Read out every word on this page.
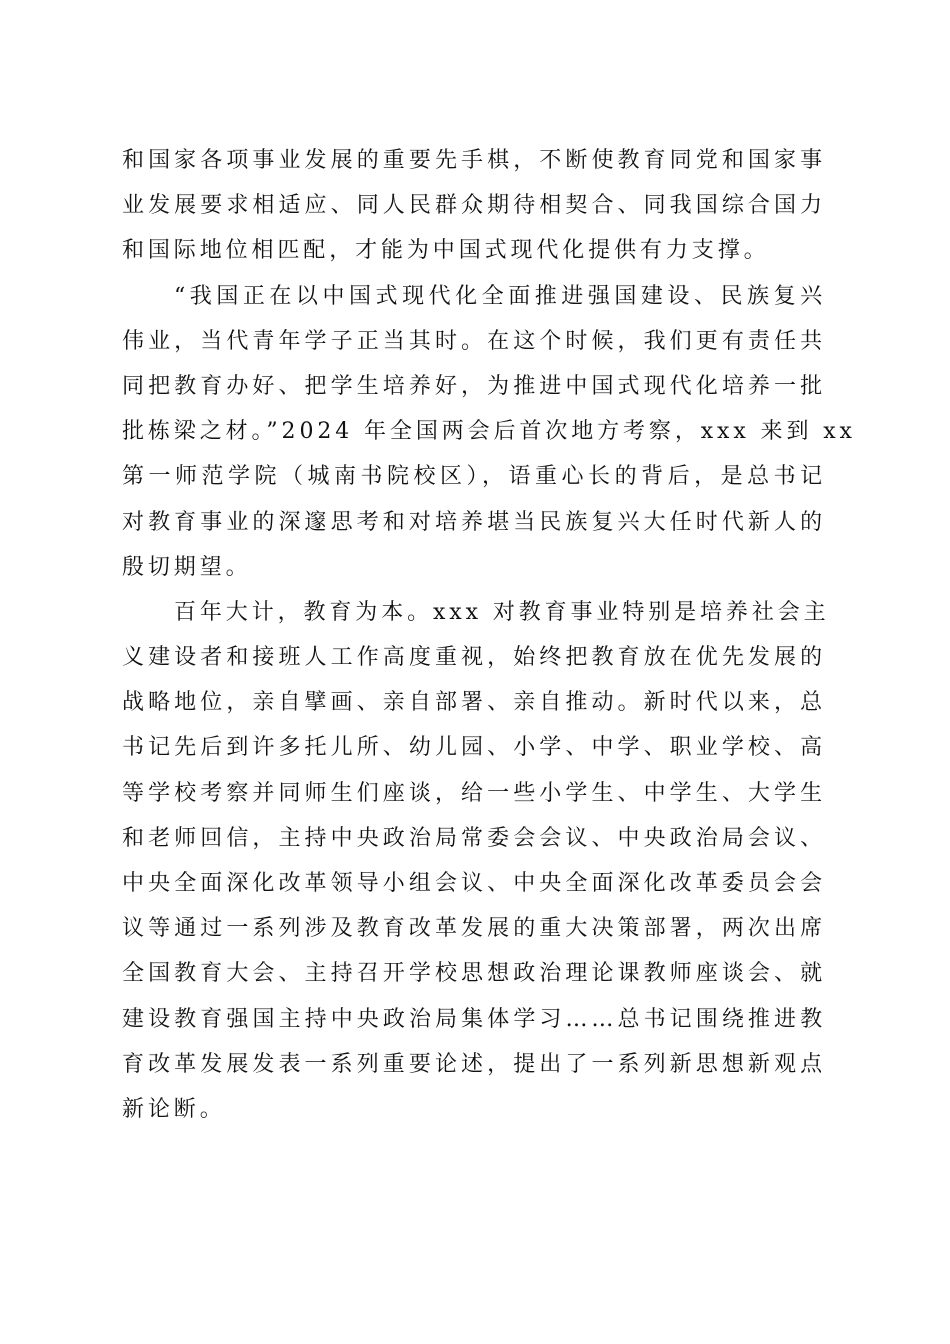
和国家各项事业发展的重要先手棋，不断使教育同党和国家事
业发展要求相适应、同人民群众期待相契合、同我国综合国力
和国际地位相匹配，才能为中国式现代化提供有力支撑。
“我国正在以中国式现代化全面推进强国建设、民族复兴
伟业，当代青年学子正当其时。在这个时候，我们更有责任共
同把教育办好、把学生培养好，为推进中国式现代化培养一批
批栋梁之材。”2024 年全国两会后首次地方考察，xxx 来到 xx
第一师范学院（城南书院校区），语重心长的背后，是总书记
对教育事业的深邃思考和对培养堪当民族复兴大任时代新人的
殷切期望。
百年大计，教育为本。xxx 对教育事业特别是培养社会主
义建设者和接班人工作高度重视，始终把教育放在优先发展的
战略地位，亲自擘画、亲自部署、亲自推动。新时代以来，总
书记先后到许多托儿所、幼儿园、小学、中学、职业学校、高
等学校考察并同师生们座谈，给一些小学生、中学生、大学生
和老师回信，主持中央政治局常委会会议、中央政治局会议、
中央全面深化改革领导小组会议、中央全面深化改革委员会会
议等通过一系列涉及教育改革发展的重大决策部署，两次出席
全国教育大会、主持召开学校思想政治理论课教师座谈会、就
建设教育强国主持中央政治局集体学习……总书记围绕推进教
育改革发展发表一系列重要论述，提出了一系列新思想新观点
新论断。
